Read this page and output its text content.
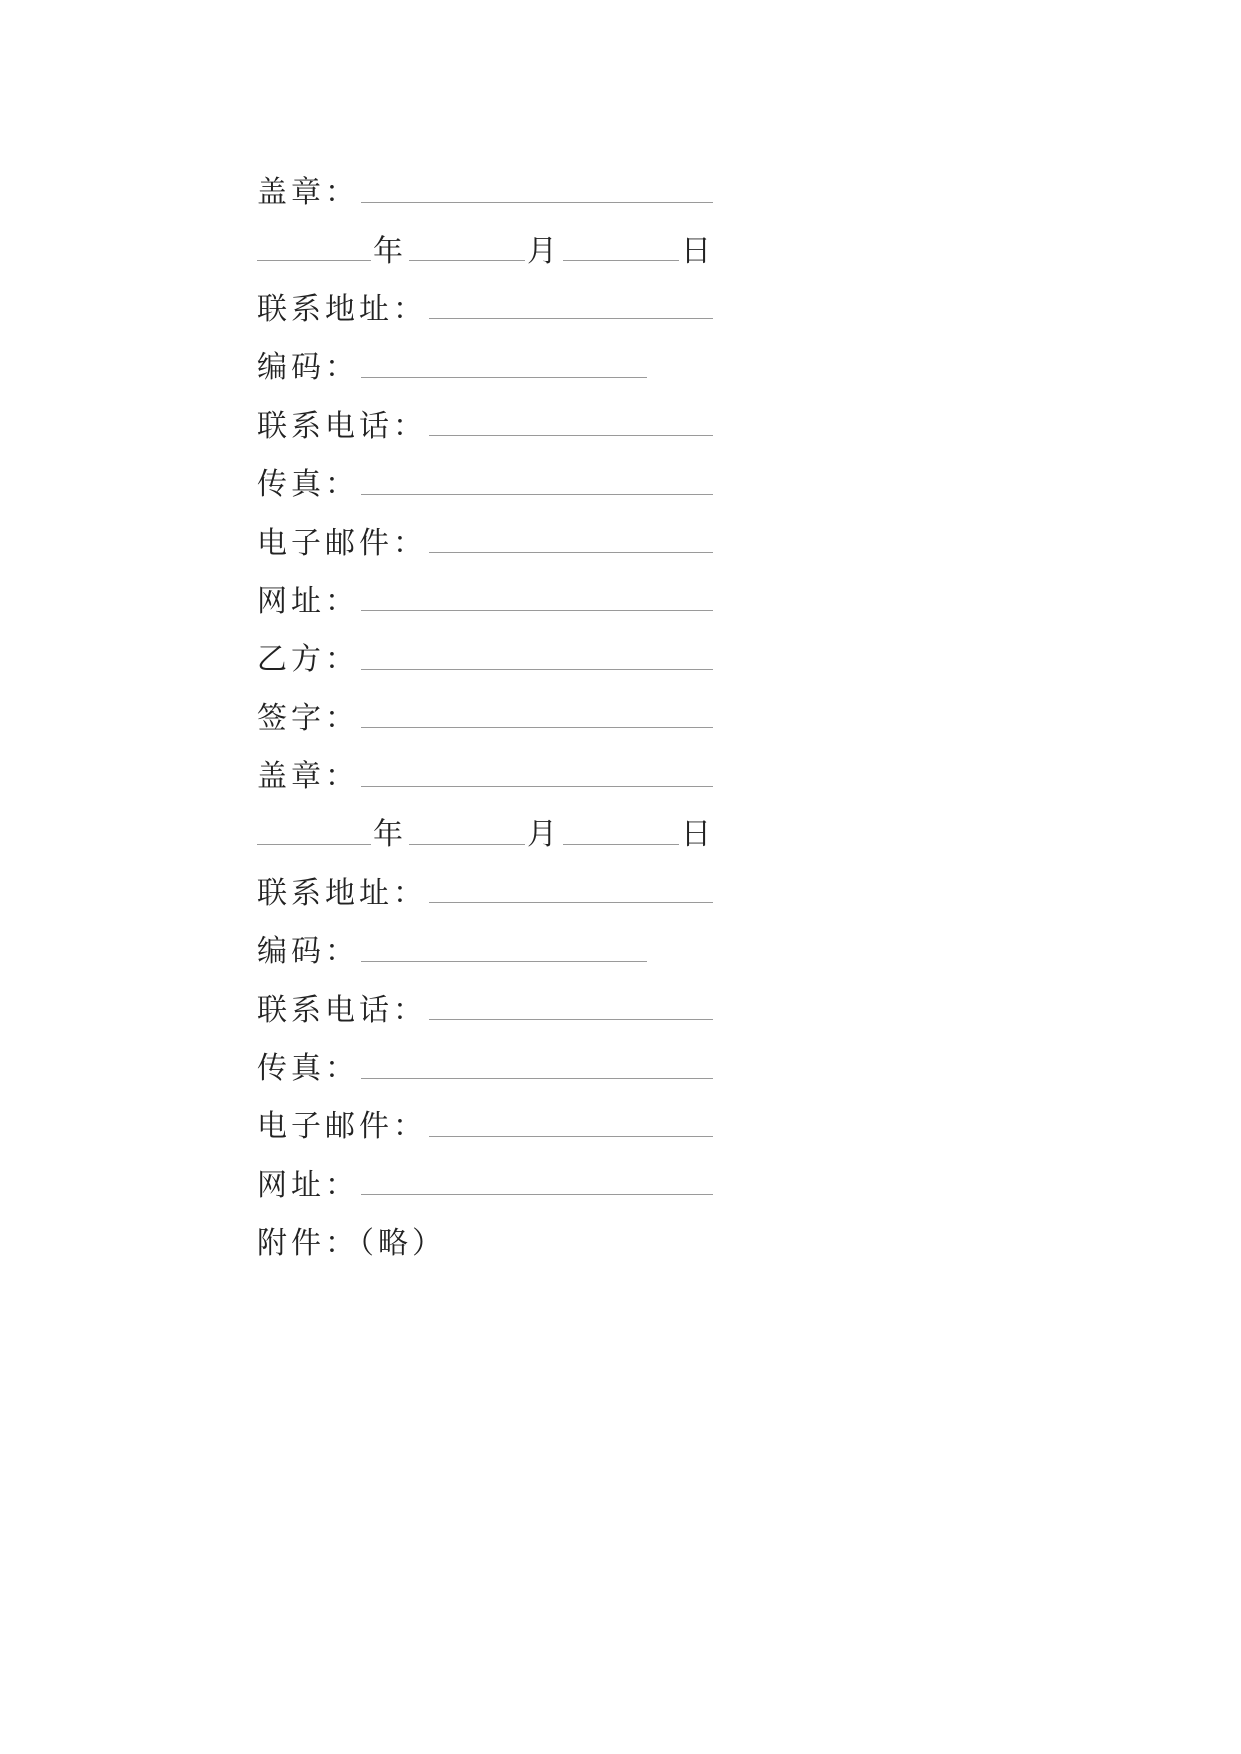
盖章：
年	月	日
联系地址：
编码：
联系电话：
传真：
电子邮件：
网址：
乙方：
签字：
盖章：
年	月	日
联系地址：
编码：
联系电话：
传真：
电子邮件：
网址：
附件：（略）
